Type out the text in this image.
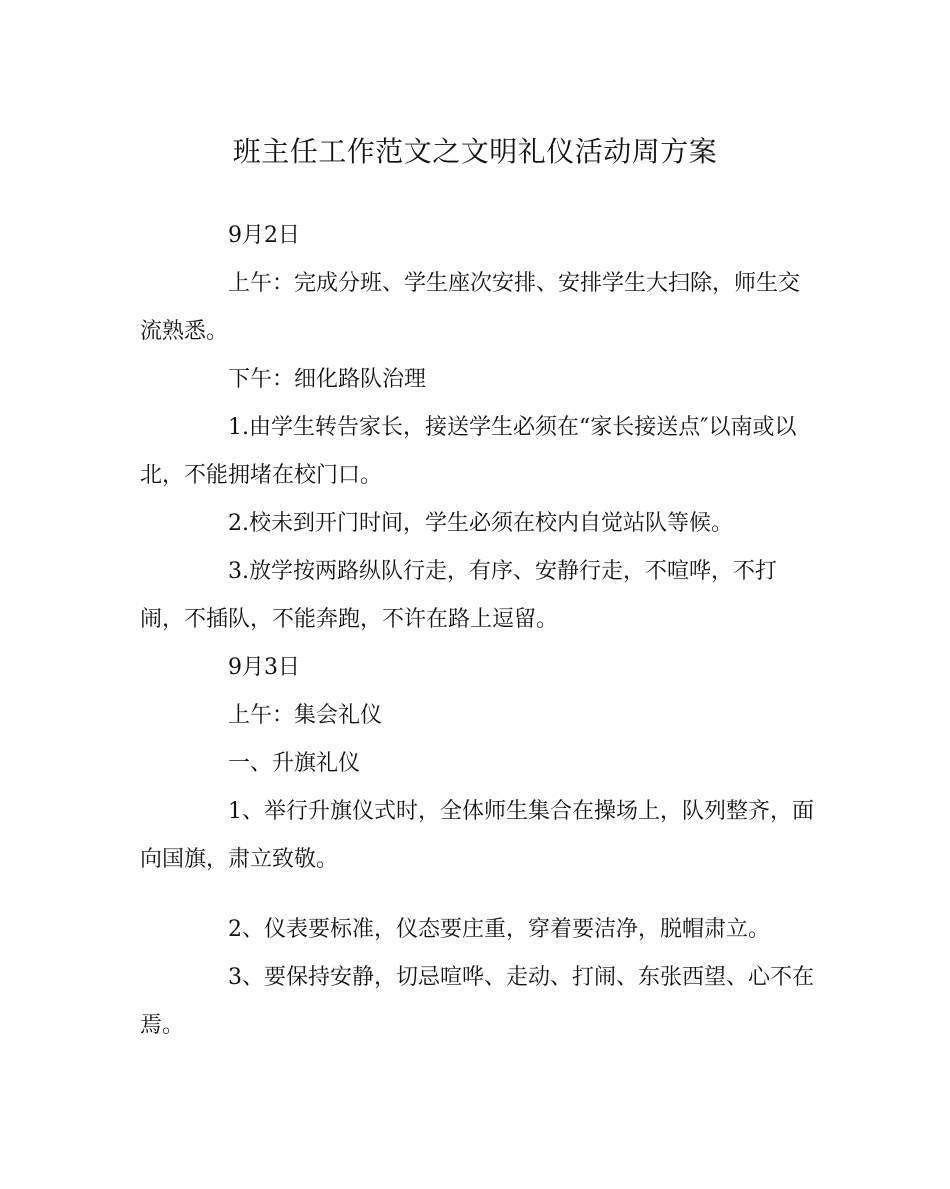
班主任工作范文之文明礼仪活动周方案

9月2日

上午：完成分班、学生座次安排、安排学生大扫除，师生交流熟悉。

下午：细化路队治理

1.由学生转告家长，接送学生必须在“家长接送点″以南或以北，不能拥堵在校门口。

2.校未到开门时间，学生必须在校内自觉站队等候。

3.放学按两路纵队行走，有序、安静行走，不喧哗，不打闹，不插队，不能奔跑，不许在路上逗留。

9月3日

上午：集会礼仪

一、升旗礼仪

1、举行升旗仪式时，全体师生集合在操场上，队列整齐，面向国旗，肃立致敬。

2、仪表要标准，仪态要庄重，穿着要洁净，脱帽肃立。

3、要保持安静，切忌喧哗、走动、打闹、东张西望、心不在焉。
